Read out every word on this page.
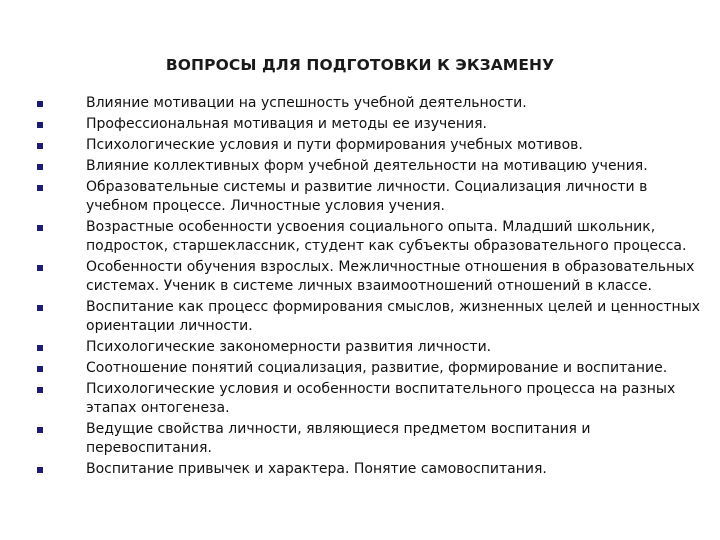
ВОПРОСЫ ДЛЯ ПОДГОТОВКИ К ЭКЗАМЕНУ
Влияние мотивации на успешность учебной деятельности.
Профессиональная мотивация и методы ее изучения.
Психологические условия и пути формирования учебных мотивов.
Влияние коллективных форм учебной деятельности на мотивацию учения.
Образовательные системы и развитие личности. Социализация личности в учебном процессе. Личностные условия учения.
Возрастные особенности усвоения социального опыта. Младший школьник, подросток, старшеклассник, студент как субъекты образовательного процесса.
Особенности обучения взрослых. Межличностные отношения в образовательных системах. Ученик в системе личных взаимоотношений отношений в классе.
Воспитание как процесс формирования смыслов, жизненных целей и ценностных ориентации личности.
Психологические закономерности развития личности.
Соотношение понятий социализация, развитие, формирование и воспитание.
Психологические условия и особенности воспитательного процесса на разных этапах онтогенеза.
Ведущие свойства личности, являющиеся предметом воспитания и перевоспитания.
Воспитание привычек и характера. Понятие самовоспитания.
